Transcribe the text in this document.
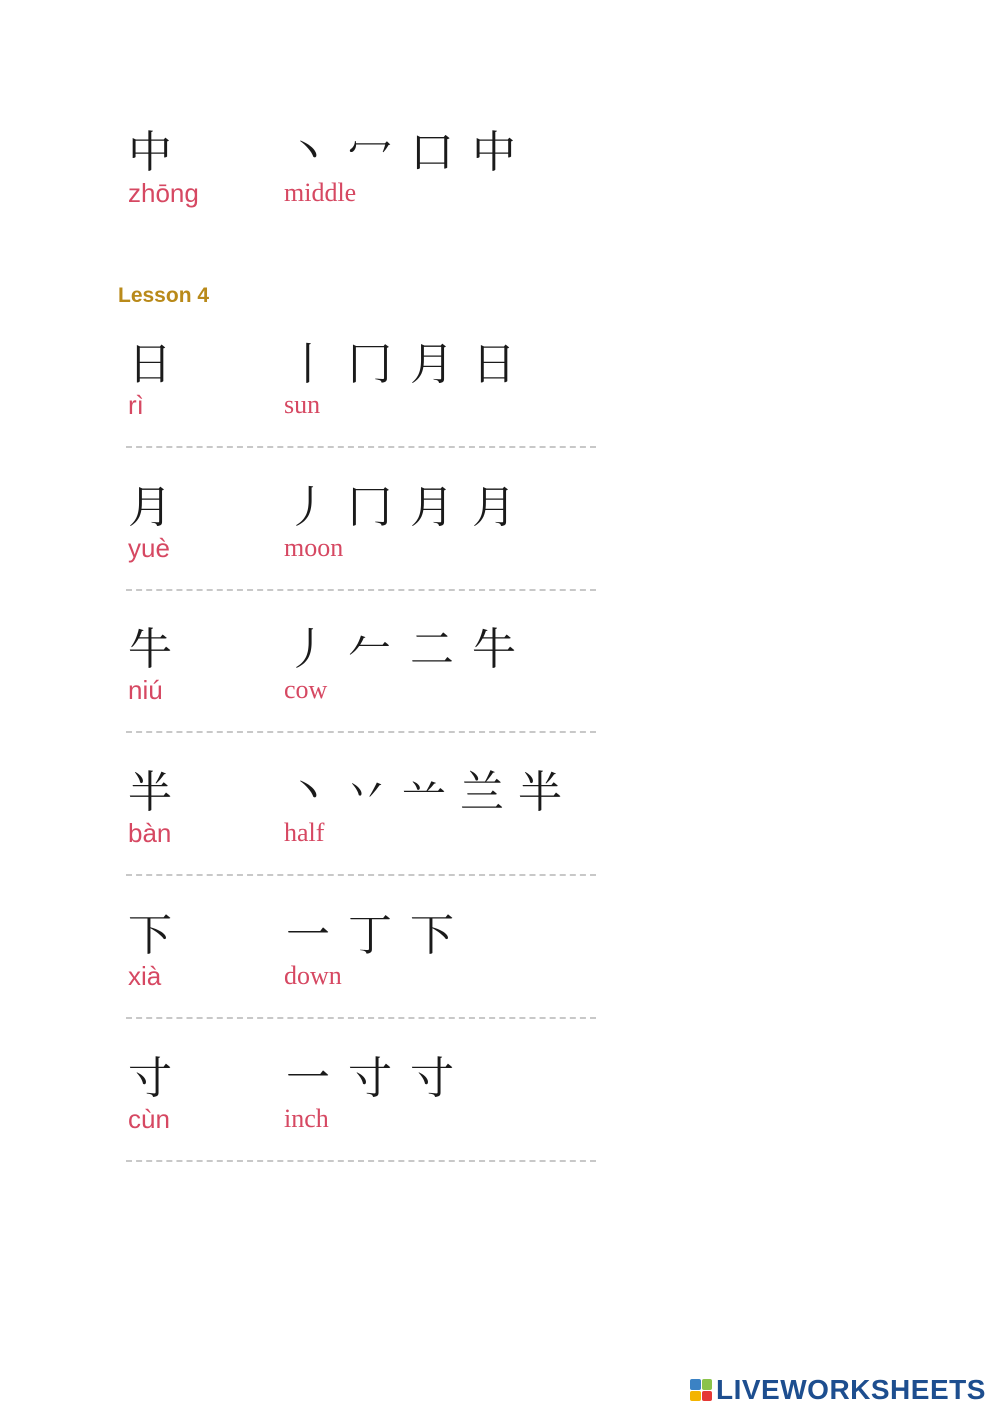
中	丶 冖 口 中
zhōng	middle
Lesson 4
日	丨 冂 月 日
rì	sun
月	丿 冂 月 月
yuè	moon
牛	丿 𠂉 二 牛
niú	cow
半	丶 丷 䒑 兰 半
bàn	half
下	一 丁 下
xià	down
寸	一 寸 寸
cùn	inch
LIVEWORKSHEETS
